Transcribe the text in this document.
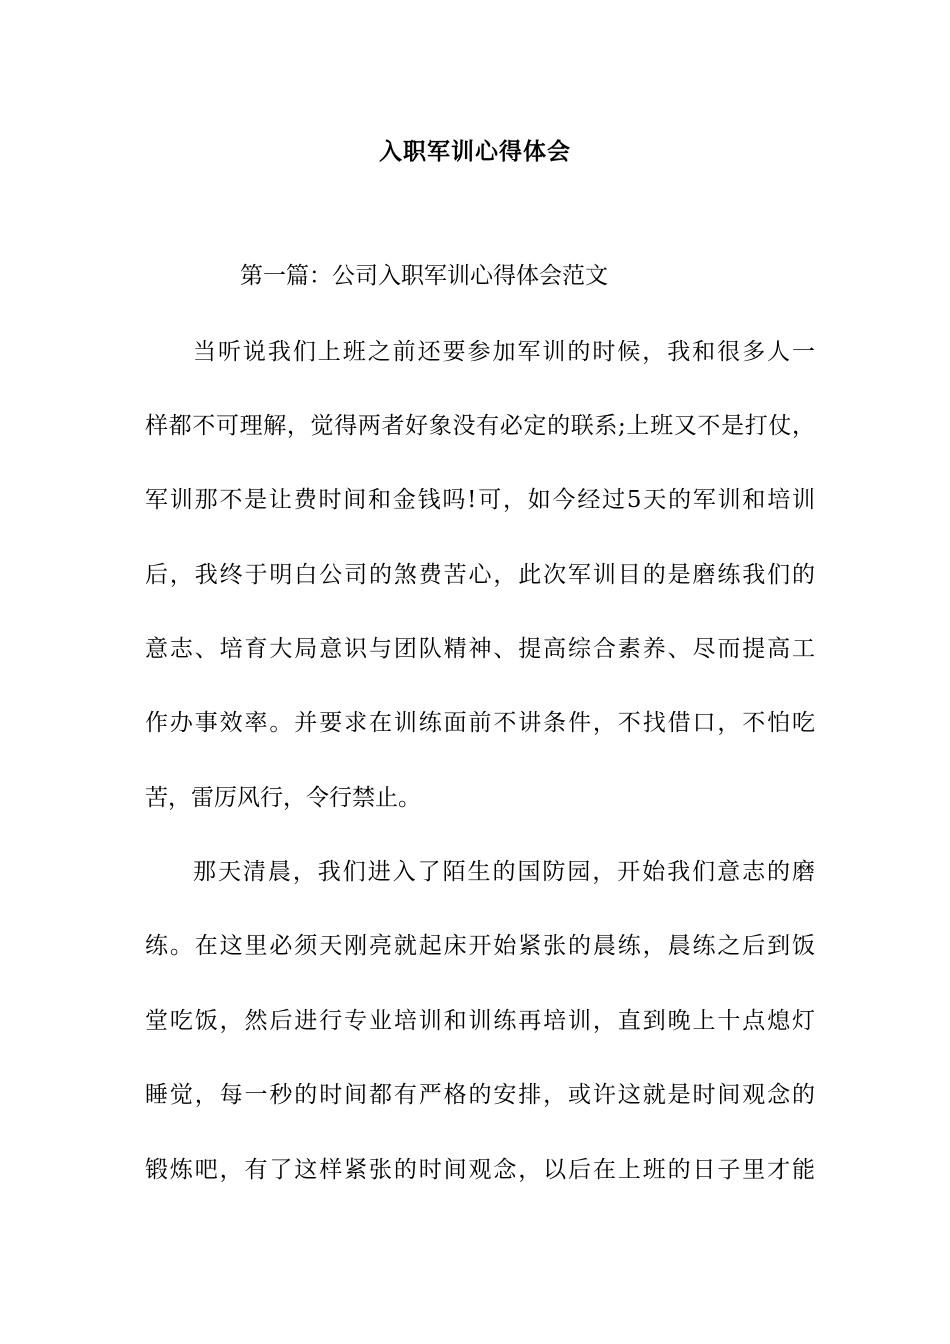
入职军训心得体会
第一篇：公司入职军训心得体会范文
当听说我们上班之前还要参加军训的时候，我和很多人一
样都不可理解，觉得两者好象没有必定的联系;上班又不是打仗，
军训那不是让费时间和金钱吗!可，如今经过5天的军训和培训
后，我终于明白公司的煞费苦心，此次军训目的是磨练我们的
意志、培育大局意识与团队精神、提高综合素养、尽而提高工
作办事效率。并要求在训练面前不讲条件，不找借口，不怕吃
苦，雷厉风行，令行禁止。
那天清晨，我们进入了陌生的国防园，开始我们意志的磨
练。在这里必须天刚亮就起床开始紧张的晨练，晨练之后到饭
堂吃饭，然后进行专业培训和训练再培训，直到晚上十点熄灯
睡觉，每一秒的时间都有严格的安排，或许这就是时间观念的
锻炼吧，有了这样紧张的时间观念，以后在上班的日子里才能
